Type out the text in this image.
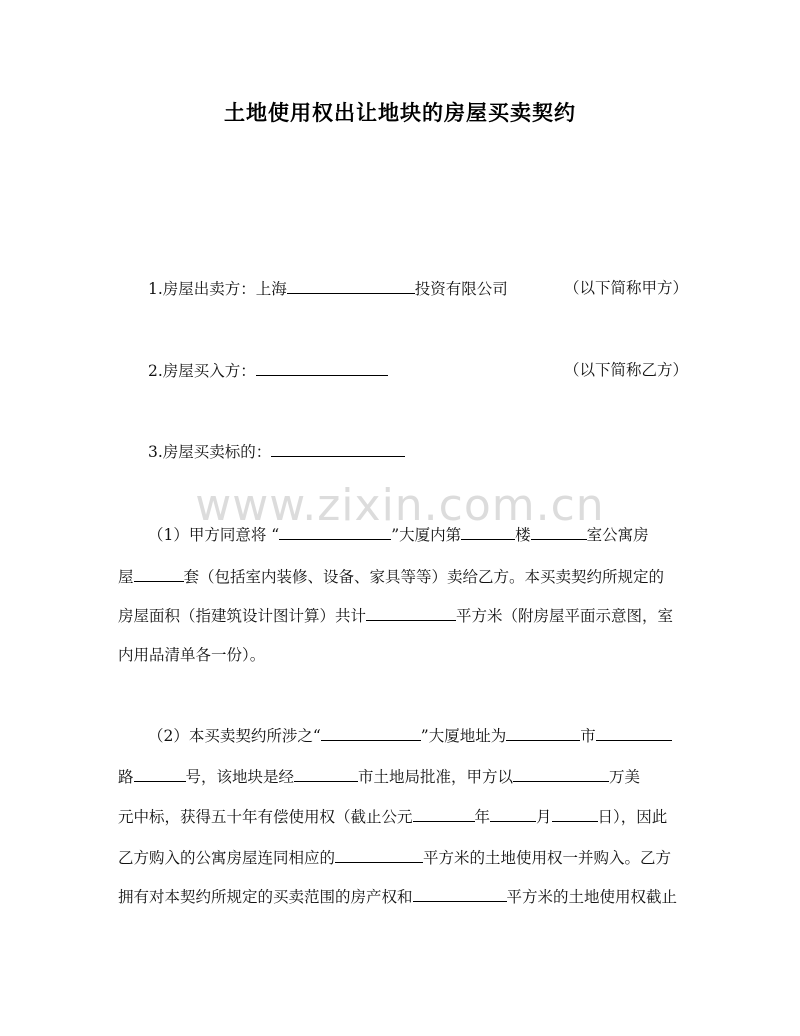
土地使用权出让地块的房屋买卖契约
www.zixin.com.cn
1.房屋出卖方：上海	投资有限公司	（以下简称甲方）
2.房屋买入方：	（以下简称乙方）
3.房屋买卖标的：
（1）甲方同意将 “	”大厦内第	楼	室公寓房
屋	套（包括室内装修、设备、家具等等）卖给乙方。本买卖契约所规定的
房屋面积（指建筑设计图计算）共计	平方米（附房屋平面示意图，室
内用品清单各一份）。
（2）本买卖契约所涉之“	”大厦地址为	市
路	号，该地块是经	市土地局批准，甲方以	万美
元中标，获得五十年有偿使用权（截止公元	年	月	日），因此
乙方购入的公寓房屋连同相应的	平方米的土地使用权一并购入。乙方
拥有对本契约所规定的买卖范围的房产权和	平方米的土地使用权截止
